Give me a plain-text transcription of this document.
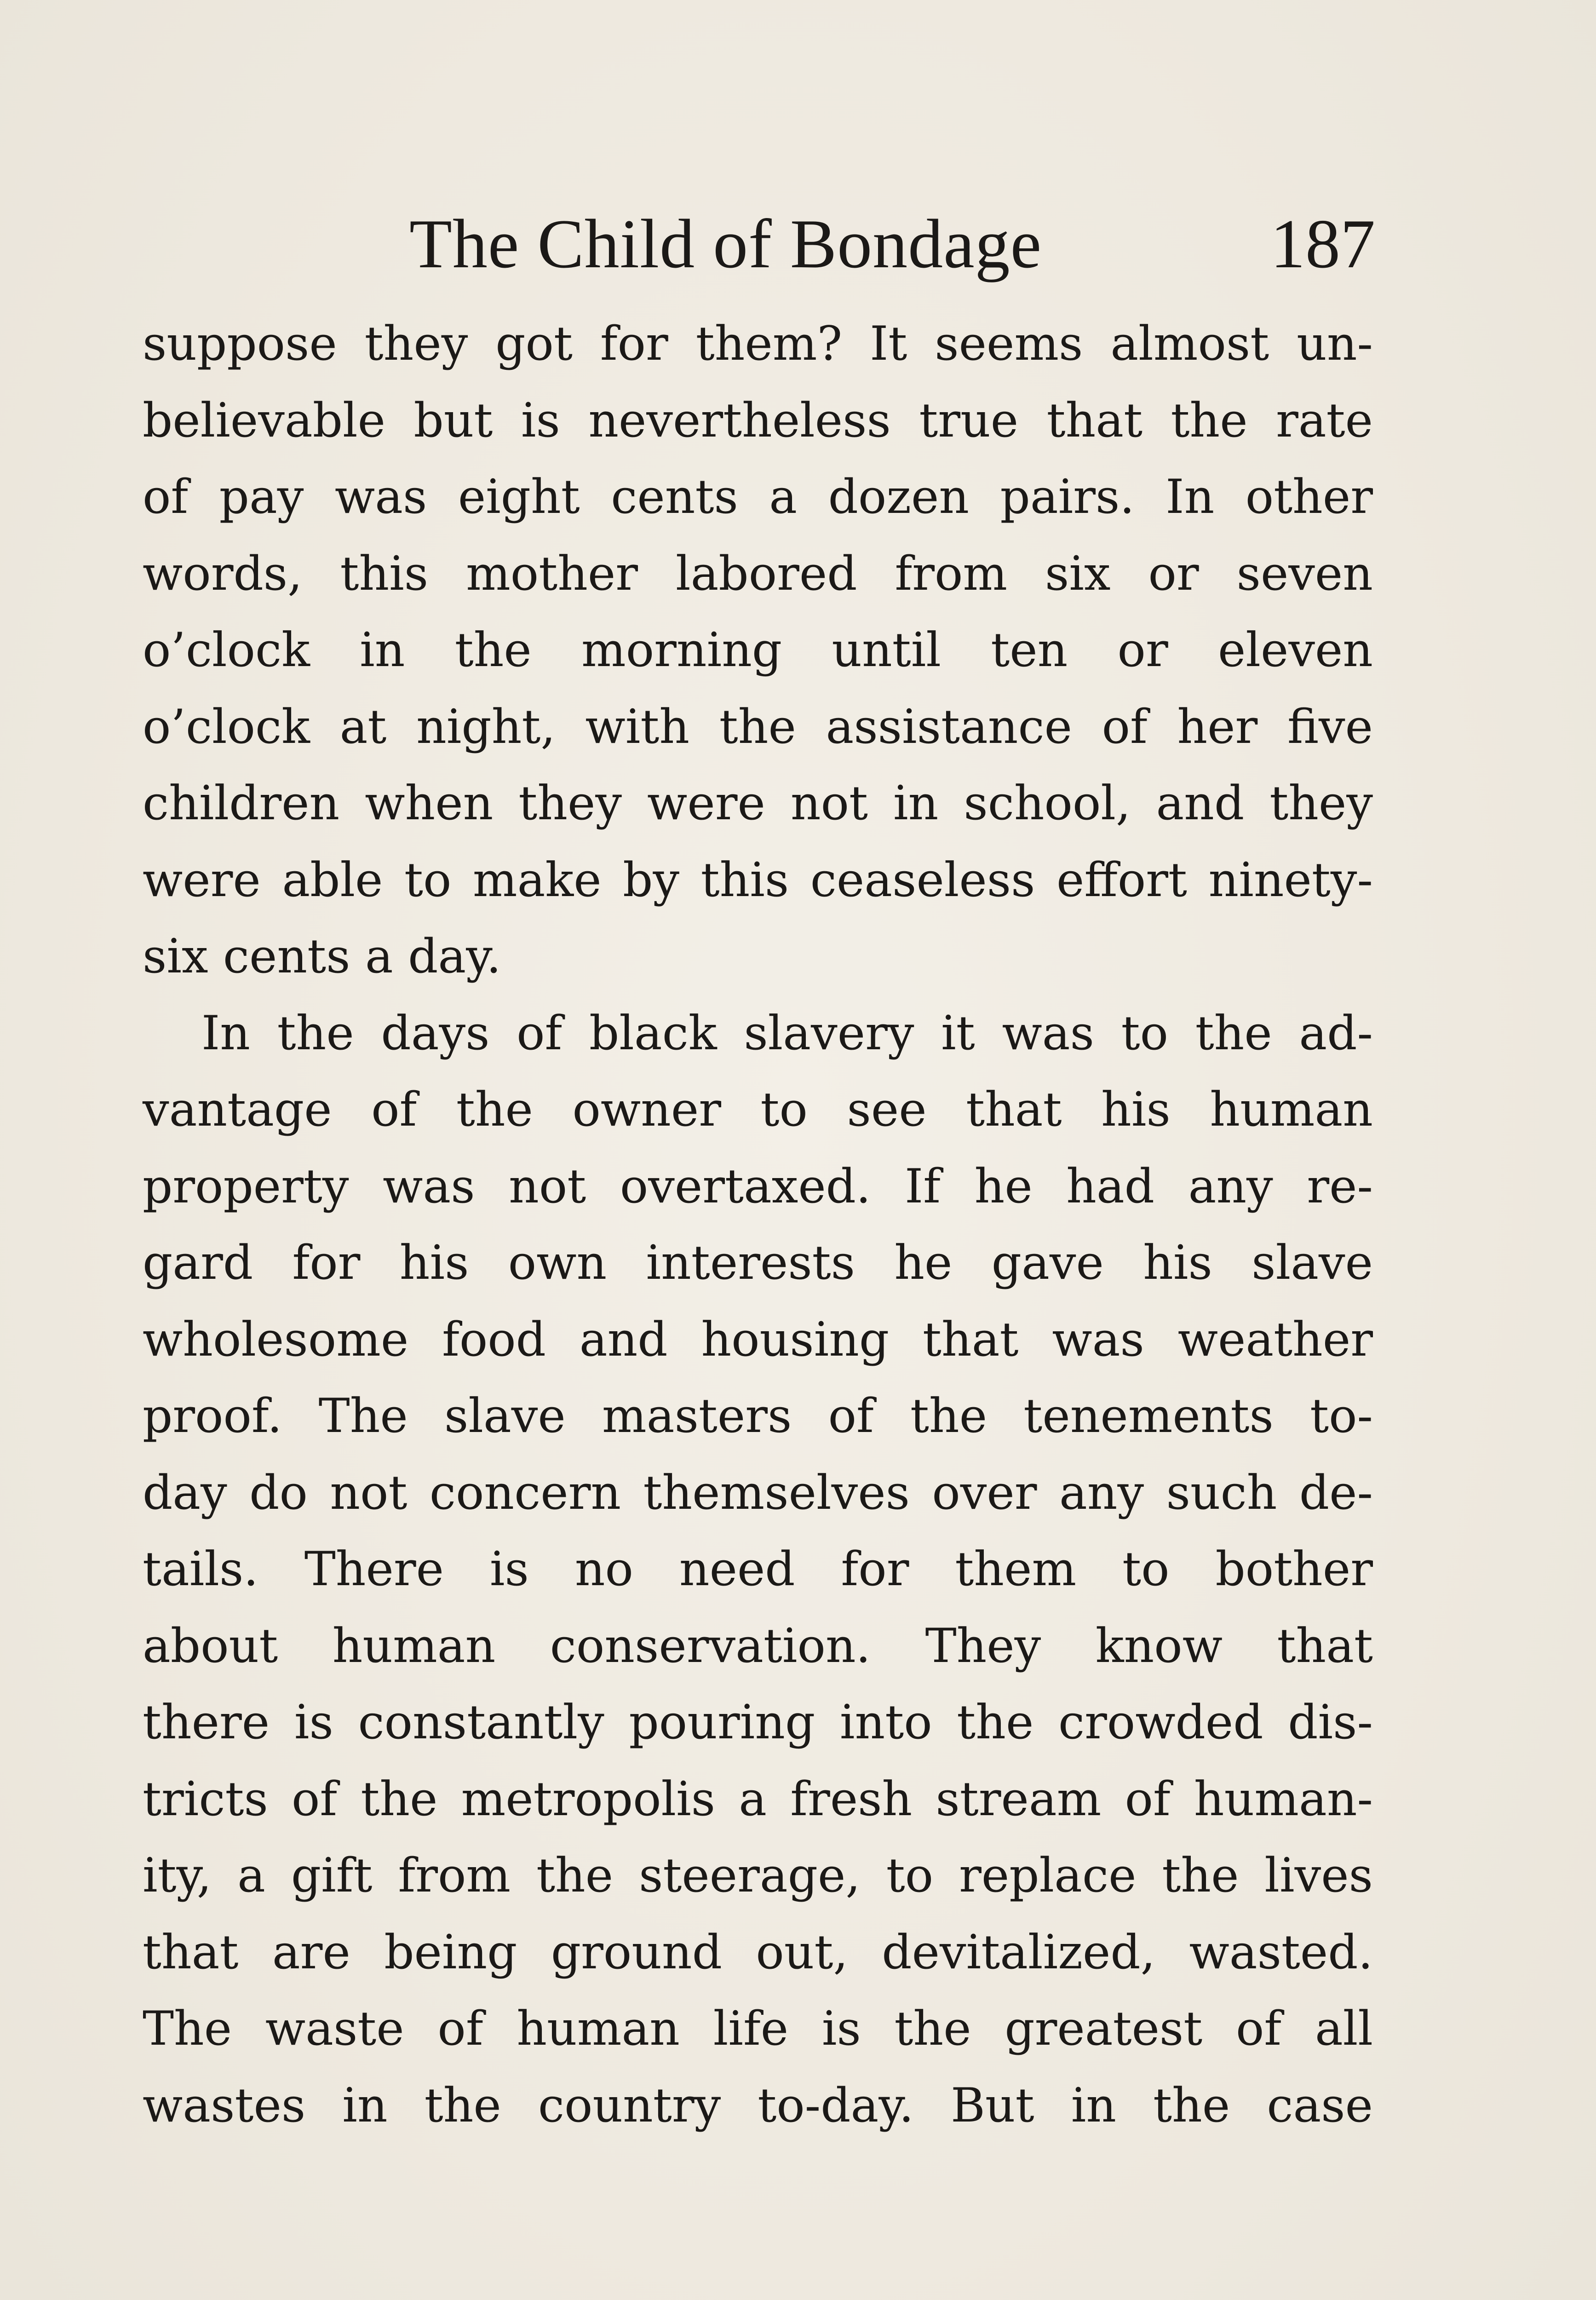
The Child of Bondage	187
suppose they got for them? It seems almost un-
believable but is nevertheless true that the rate
of pay was eight cents a dozen pairs. In other
words, this mother labored from six or seven
o’clock in the morning until ten or eleven
o’clock at night, with the assistance of her five
children when they were not in school, and they
were able to make by this ceaseless effort ninety-
six cents a day.
In the days of black slavery it was to the ad-
vantage of the owner to see that his human
property was not overtaxed. If he had any re-
gard for his own interests he gave his slave
wholesome food and housing that was weather
proof. The slave masters of the tenements to-
day do not concern themselves over any such de-
tails. There is no need for them to bother
about human conservation. They know that
there is constantly pouring into the crowded dis-
tricts of the metropolis a fresh stream of human-
ity, a gift from the steerage, to replace the lives
that are being ground out, devitalized, wasted.
The waste of human life is the greatest of all
wastes in the country to-day. But in the case
